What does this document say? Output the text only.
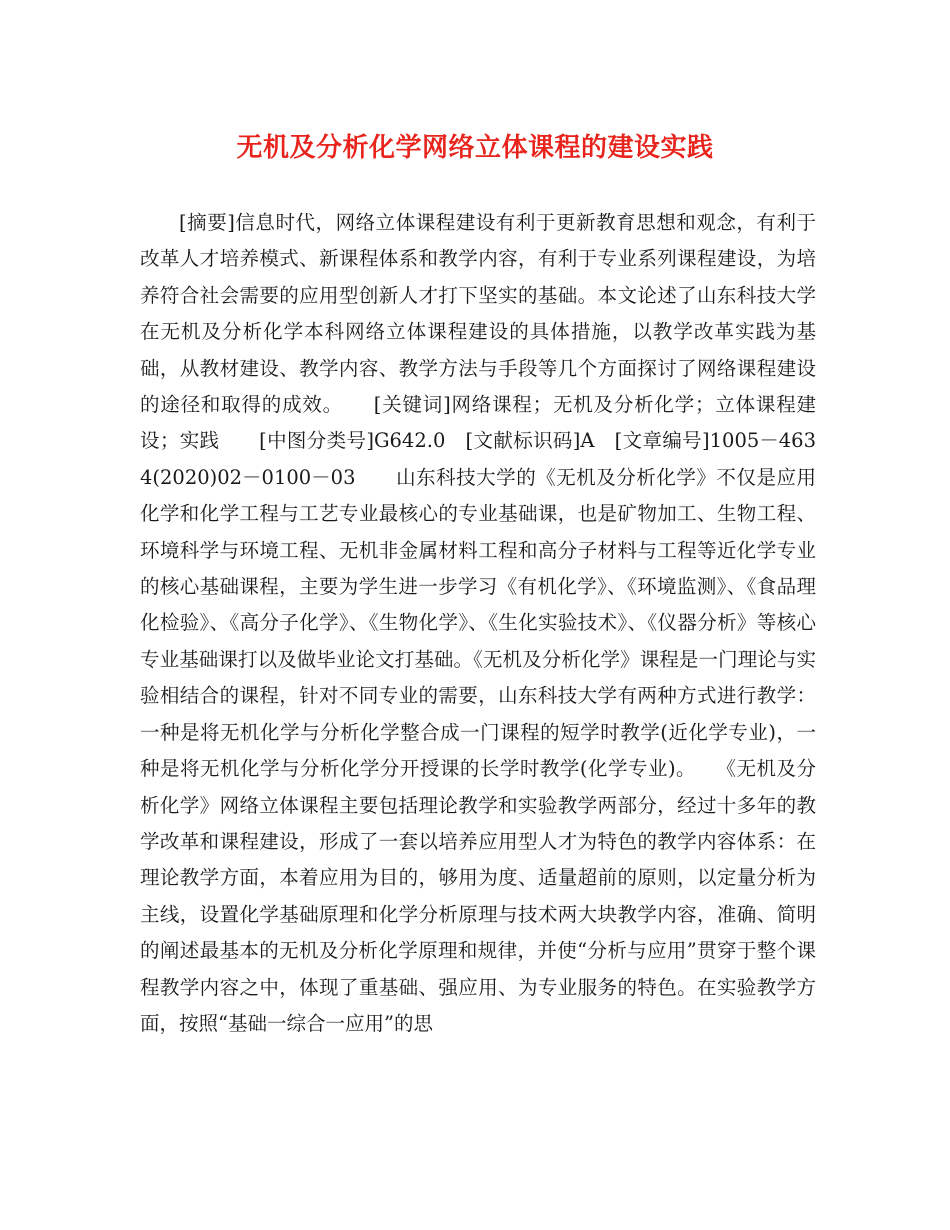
无机及分析化学网络立体课程的建设实践

[摘要]信息时代，网络立体课程建设有利于更新教育思想和观念，有利于改革人才培养模式、新课程体系和教学内容，有利于专业系列课程建设，为培养符合社会需要的应用型创新人才打下坚实的基础。本文论述了山东科技大学在无机及分析化学本科网络立体课程建设的具体措施，以教学改革实践为基础，从教材建设、教学内容、教学方法与手段等几个方面探讨了网络课程建设的途径和取得的成效。　　[关键词]网络课程；无机及分析化学；立体课程建设；实践　　[中图分类号]G642.0　[文献标识码]A　[文章编号]1005－4634(2020)02－0100－03　　山东科技大学的《无机及分析化学》不仅是应用化学和化学工程与工艺专业最核心的专业基础课，也是矿物加工、生物工程、环境科学与环境工程、无机非金属材料工程和高分子材料与工程等近化学专业的核心基础课程，主要为学生进一步学习《有机化学》、《环境监测》、《食品理化检验》、《高分子化学》、《生物化学》、《生化实验技术》、《仪器分析》等核心专业基础课打以及做毕业论文打基础。《无机及分析化学》课程是一门理论与实验相结合的课程，针对不同专业的需要，山东科技大学有两种方式进行教学：一种是将无机化学与分析化学整合成一门课程的短学时教学(近化学专业)，一种是将无机化学与分析化学分开授课的长学时教学(化学专业)。　　《无机及分析化学》网络立体课程主要包括理论教学和实验教学两部分，经过十多年的教学改革和课程建设，形成了一套以培养应用型人才为特色的教学内容体系：在理论教学方面，本着应用为目的，够用为度、适量超前的原则，以定量分析为主线，设置化学基础原理和化学分析原理与技术两大块教学内容，准确、简明的阐述最基本的无机及分析化学原理和规律，并使“分析与应用”贯穿于整个课程教学内容之中，体现了重基础、强应用、为专业服务的特色。在实验教学方面，按照“基础一综合一应用”的思
